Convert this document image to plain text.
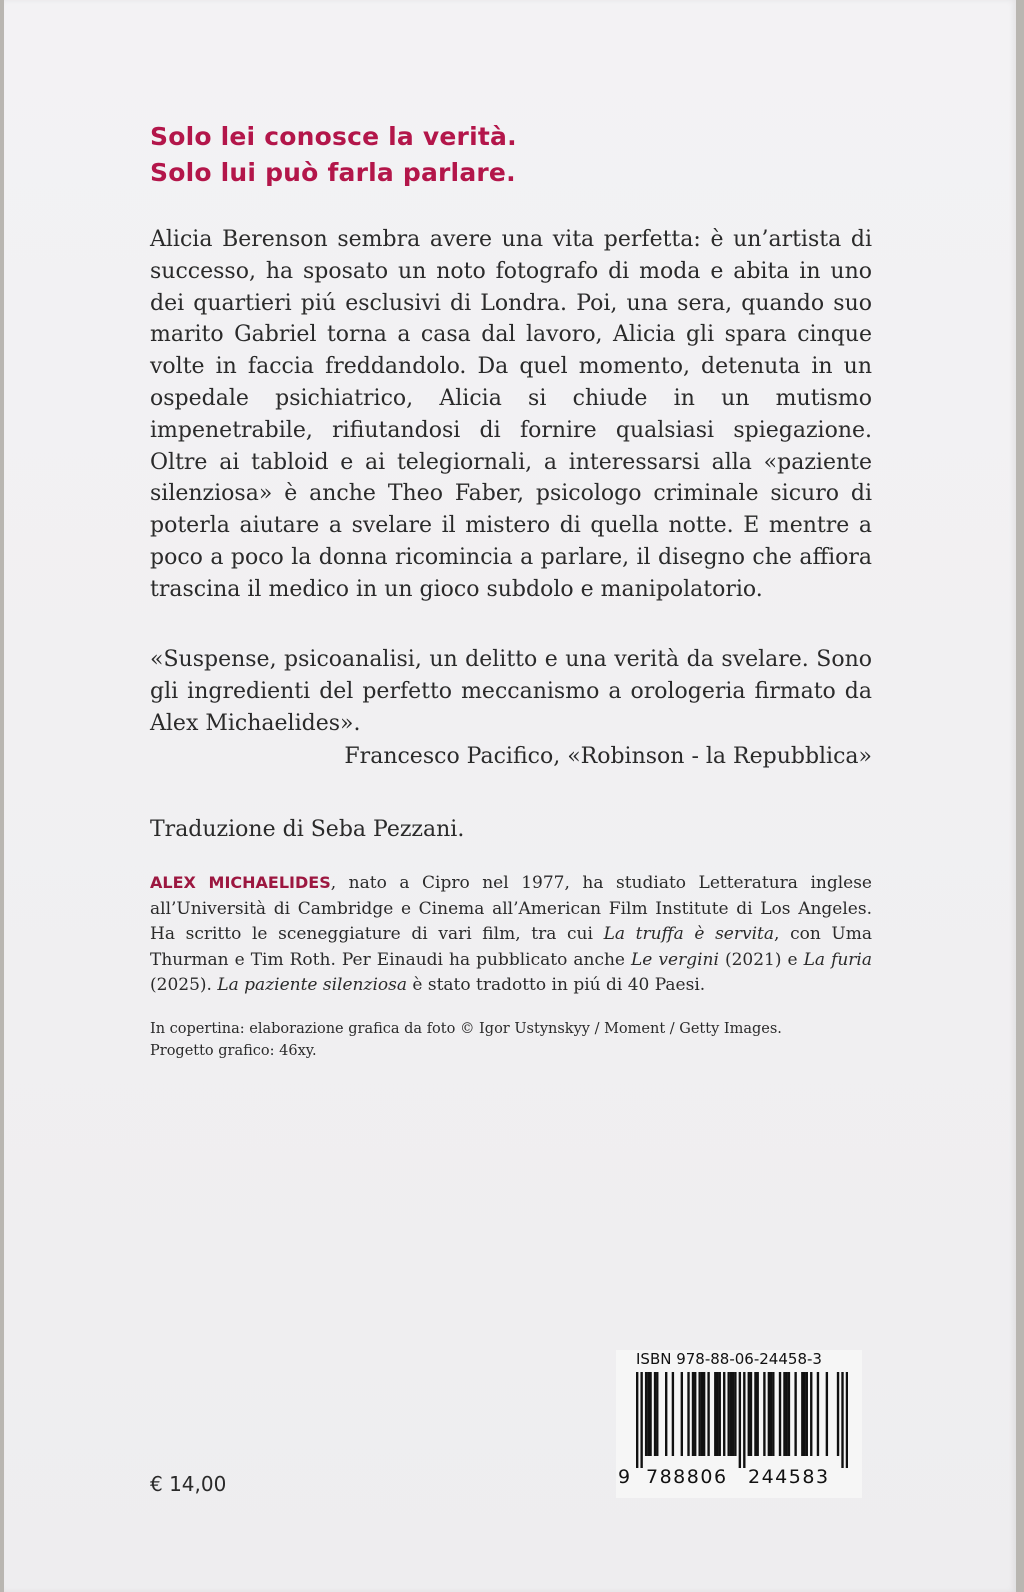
Solo lei conosce la verità.
Solo lui può farla parlare.

Alicia Berenson sembra avere una vita perfetta: è un’artista di successo, ha sposato un noto fotografo di moda e abita in uno dei quartieri piú esclusivi di Londra. Poi, una sera, quando suo marito Gabriel torna a casa dal lavoro, Alicia gli spara cinque volte in faccia freddandolo. Da quel momento, detenuta in un ospedale psichiatrico, Alicia si chiude in un mutismo impenetrabile, rifiutandosi di fornire qualsiasi spiegazione. Oltre ai tabloid e ai telegiornali, a interessarsi alla «paziente silenziosa» è anche Theo Faber, psicologo criminale sicuro di poterla aiutare a svelare il mistero di quella notte. E mentre a poco a poco la donna ricomincia a parlare, il disegno che affiora trascina il medico in un gioco subdolo e manipolatorio.

«Suspense, psicoanalisi, un delitto e una verità da svelare. Sono gli ingredienti del perfetto meccanismo a orologeria firmato da Alex Michaelides».

Francesco Pacifico, «Robinson - la Repubblica»

Traduzione di Seba Pezzani.
ALEX MICHAELIDES, nato a Cipro nel 1977, ha studiato Letteratura inglese all’Università di Cambridge e Cinema all’American Film Institute di Los Angeles. Ha scritto le sceneggiature di vari film, tra cui La truffa è servita, con Uma Thurman e Tim Roth. Per Einaudi ha pubblicato anche Le vergini (2021) e La furia (2025). La paziente silenziosa è stato tradotto in piú di 40 Paesi.
In copertina: elaborazione grafica da foto © Igor Ustynskyy / Moment / Getty Images.
Progetto grafico: 46xy.
€ 14,00
ISBN 978-88-06-24458-3
9 788806 244583
